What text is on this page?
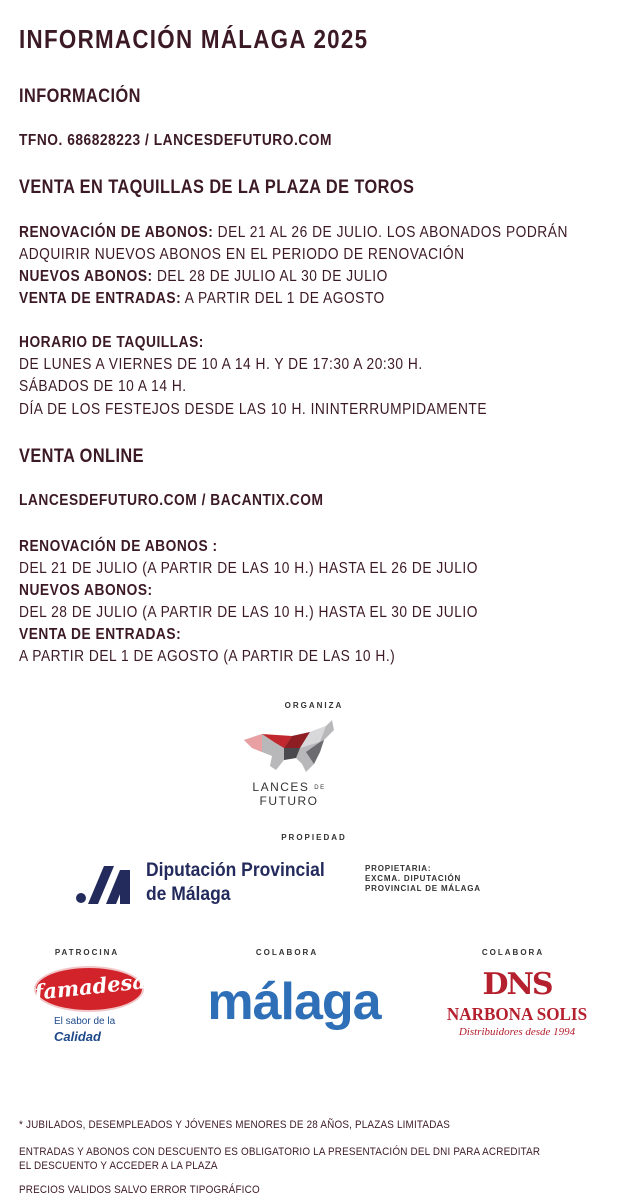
INFORMACIÓN MÁLAGA 2025
INFORMACIÓN
TFNO. 686828223 / LANCESDEFUTURO.COM
VENTA EN TAQUILLAS DE LA PLAZA DE TOROS
RENOVACIÓN DE ABONOS: DEL 21 AL 26 DE JULIO. LOS ABONADOS PODRÁN
ADQUIRIR NUEVOS ABONOS EN EL PERIODO DE RENOVACIÓN
NUEVOS ABONOS: DEL 28 DE JULIO AL 30 DE JULIO
VENTA DE ENTRADAS: A PARTIR DEL 1 DE AGOSTO
HORARIO DE TAQUILLAS:
DE LUNES A VIERNES DE 10 A 14 H. Y DE 17:30 A 20:30 H.
SÁBADOS DE 10 A 14 H.
DÍA DE LOS FESTEJOS DESDE LAS 10 H. ININTERRUMPIDAMENTE
VENTA ONLINE
LANCESDEFUTURO.COM / BACANTIX.COM
RENOVACIÓN DE ABONOS :
DEL 21 DE JULIO (A PARTIR DE LAS 10 H.) HASTA EL 26 DE JULIO
NUEVOS ABONOS:
DEL 28 DE JULIO (A PARTIR DE LAS 10 H.) HASTA EL 30 DE JULIO
VENTA DE ENTRADAS:
A PARTIR DEL 1 DE AGOSTO (A PARTIR DE LAS 10 H.)
ORGANIZA
LANCES DE FUTURO
PROPIEDAD
Diputación Provincial
de Málaga
PROPIETARIA:
EXCMA. DIPUTACIÓN
PROVINCIAL DE MÁLAGA
PATROCINA	COLABORA	COLABORA
famadesa
El sabor de la
Calidad
málaga	DNS
NARBONA SOLIS
Distribuidores desde 1994
* JUBILADOS, DESEMPLEADOS Y JÓVENES MENORES DE 28 AÑOS, PLAZAS LIMITADAS
ENTRADAS Y ABONOS CON DESCUENTO ES OBLIGATORIO LA PRESENTACIÓN DEL DNI PARA ACREDITAR
EL DESCUENTO Y ACCEDER A LA PLAZA
PRECIOS VALIDOS SALVO ERROR TIPOGRÁFICO
